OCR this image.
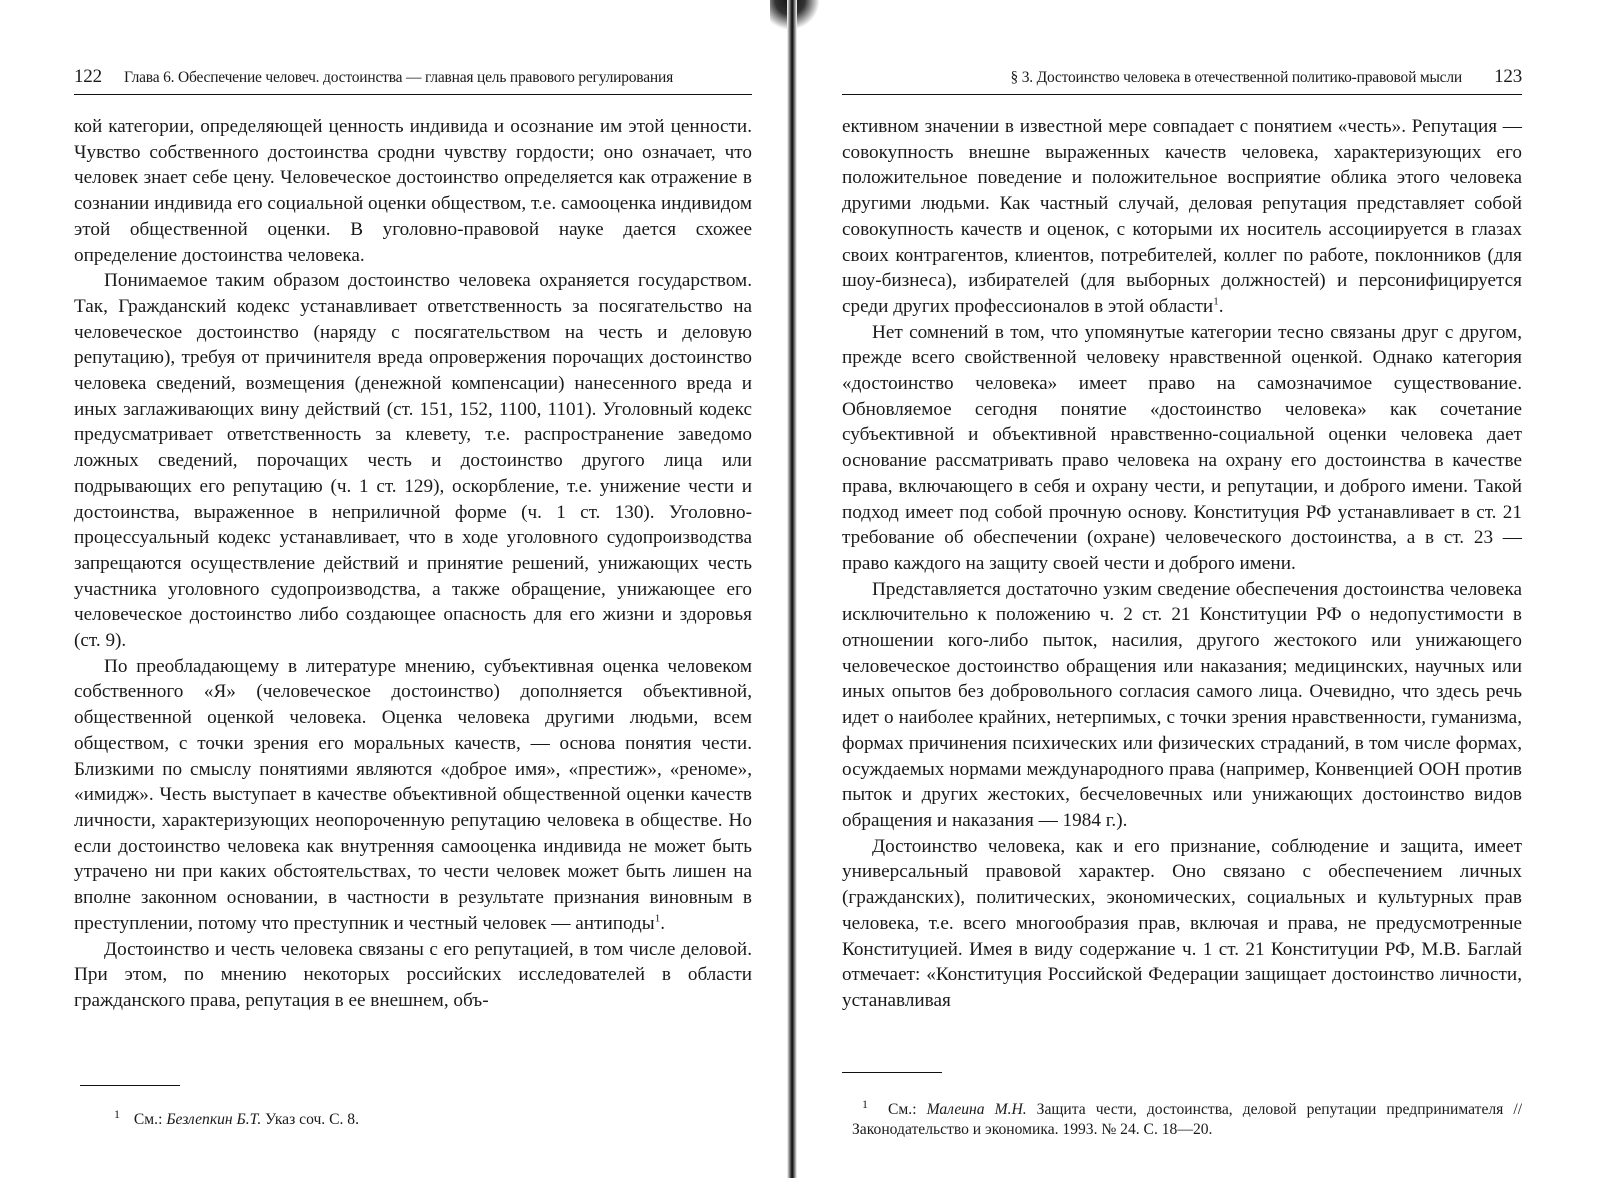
122 Глава 6. Обеспечение человеч. достоинства — главная цель правового регулирования

кой категории, определяющей ценность индивида и осознание им этой ценности. Чувство собственного достоинства сродни чувству гордости; оно означает, что человек знает себе цену. Человеческое достоинство определяется как отражение в сознании индивида его социальной оценки обществом, т.е. самооценка индивидом этой общественной оценки. В уголовно-правовой науке дается схожее определение достоинства человека.

Понимаемое таким образом достоинство человека охраняется государством. Так, Гражданский кодекс устанавливает ответственность за посягательство на человеческое достоинство (наряду с посягательством на честь и деловую репутацию), требуя от причинителя вреда опровержения порочащих достоинство человека сведений, возмещения (денежной компенсации) нанесенного вреда и иных заглаживающих вину действий (ст. 151, 152, 1100, 1101). Уголовный кодекс предусматривает ответственность за клевету, т.е. распространение заведомо ложных сведений, порочащих честь и достоинство другого лица или подрывающих его репутацию (ч. 1 ст. 129), оскорбление, т.е. унижение чести и достоинства, выраженное в неприличной форме (ч. 1 ст. 130). Уголовно-процессуальный кодекс устанавливает, что в ходе уголовного судопроизводства запрещаются осуществление действий и принятие решений, унижающих честь участника уголовного судопроизводства, а также обращение, унижающее его человеческое достоинство либо создающее опасность для его жизни и здоровья (ст. 9).

По преобладающему в литературе мнению, субъективная оценка человеком собственного «Я» (человеческое достоинство) дополняется объективной, общественной оценкой человека. Оценка человека другими людьми, всем обществом, с точки зрения его моральных качеств, — основа понятия чести. Близкими по смыслу понятиями являются «доброе имя», «престиж», «реноме», «имидж». Честь выступает в качестве объективной общественной оценки качеств личности, характеризующих неопороченную репутацию человека в обществе. Но если достоинство человека как внутренняя самооценка индивида не может быть утрачено ни при каких обстоятельствах, то чести человек может быть лишен на вполне законном основании, в частности в результате признания виновным в преступлении, потому что преступник и честный человек — антиподы$^1$.

Достоинство и честь человека связаны с его репутацией, в том числе деловой. При этом, по мнению некоторых российских исследователей в области гражданского права, репутация в ее внешнем, объ-

$^1$ См.: Безлепкин Б.Т. Указ соч. С. 8.
§ 3. Достоинство человека в отечественной политико-правовой мысли 123

ективном значении в известной мере совпадает с понятием «честь». Репутация — совокупность внешне выраженных качеств человека, характеризующих его положительное поведение и положительное восприятие облика этого человека другими людьми. Как частный случай, деловая репутация представляет собой совокупность качеств и оценок, с которыми их носитель ассоциируется в глазах своих контрагентов, клиентов, потребителей, коллег по работе, поклонников (для шоу-бизнеса), избирателей (для выборных должностей) и персонифицируется среди других профессионалов в этой области$^1$.

Нет сомнений в том, что упомянутые категории тесно связаны друг с другом, прежде всего свойственной человеку нравственной оценкой. Однако категория «достоинство человека» имеет право на самозначимое существование. Обновляемое сегодня понятие «достоинство человека» как сочетание субъективной и объективной нравственно-социальной оценки человека дает основание рассматривать право человека на охрану его достоинства в качестве права, включающего в себя и охрану чести, и репутации, и доброго имени. Такой подход имеет под собой прочную основу. Конституция РФ устанавливает в ст. 21 требование об обеспечении (охране) человеческого достоинства, а в ст. 23 — право каждого на защиту своей чести и доброго имени.

Представляется достаточно узким сведение обеспечения достоинства человека исключительно к положению ч. 2 ст. 21 Конституции РФ о недопустимости в отношении кого-либо пыток, насилия, другого жестокого или унижающего человеческое достоинство обращения или наказания; медицинских, научных или иных опытов без добровольного согласия самого лица. Очевидно, что здесь речь идет о наиболее крайних, нетерпимых, с точки зрения нравственности, гуманизма, формах причинения психических или физических страданий, в том числе формах, осуждаемых нормами международного права (например, Конвенцией ООН против пыток и других жестоких, бесчеловечных или унижающих достоинство видов обращения и наказания — 1984 г.).

Достоинство человека, как и его признание, соблюдение и защита, имеет универсальный правовой характер. Оно связано с обеспечением личных (гражданских), политических, экономических, социальных и культурных прав человека, т.е. всего многообразия прав, включая и права, не предусмотренные Конституцией. Имея в виду содержание ч. 1 ст. 21 Конституции РФ, М.В. Баглай отмечает: «Конституция Российской Федерации защищает достоинство личности, устанавливая

$^1$ См.: Малеина М.Н. Защита чести, достоинства, деловой репутации предпринимателя // Законодательство и экономика. 1993. № 24. С. 18—20.
